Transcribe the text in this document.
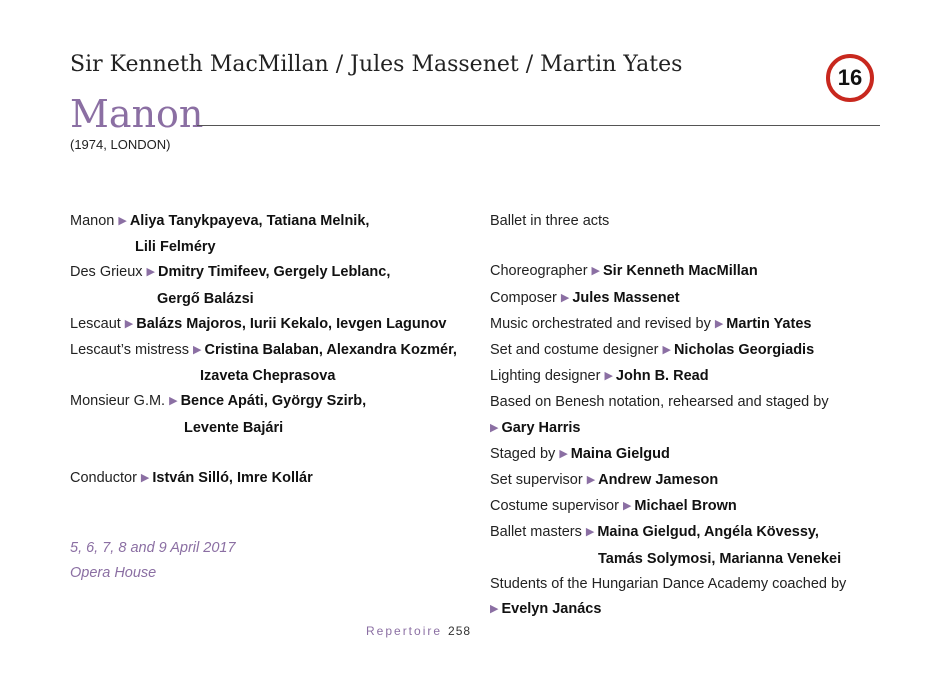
Sir Kenneth MacMillan / Jules Massenet / Martin Yates
16
Manon
(1974, LONDON)
Manon ▶ Aliya Tanykpayeva, Tatiana Melnik,
Lili Felméry
Des Grieux ▶ Dmitry Timifeev, Gergely Leblanc,
Gergő Balázsi
Lescaut ▶ Balázs Majoros, Iurii Kekalo, Ievgen Lagunov
Lescaut’s mistress ▶ Cristina Balaban, Alexandra Kozmér,
Izaveta Cheprasova
Monsieur G.M. ▶ Bence Apáti, György Szirb,
Levente Bajári
Conductor ▶ István Silló, Imre Kollár
5, 6, 7, 8 and 9 April 2017
Opera House
Ballet in three acts
Choreographer ▶ Sir Kenneth MacMillan
Composer ▶ Jules Massenet
Music orchestrated and revised by ▶ Martin Yates
Set and costume designer ▶ Nicholas Georgiadis
Lighting designer ▶ John B. Read
Based on Benesh notation, rehearsed and staged by
▶ Gary Harris
Staged by ▶ Maina Gielgud
Set supervisor ▶ Andrew Jameson
Costume supervisor ▶ Michael Brown
Ballet masters ▶ Maina Gielgud, Angéla Kövessy,
Tamás Solymosi, Marianna Venekei
Students of the Hungarian Dance Academy coached by
▶ Evelyn Janács
Repertoire 258
